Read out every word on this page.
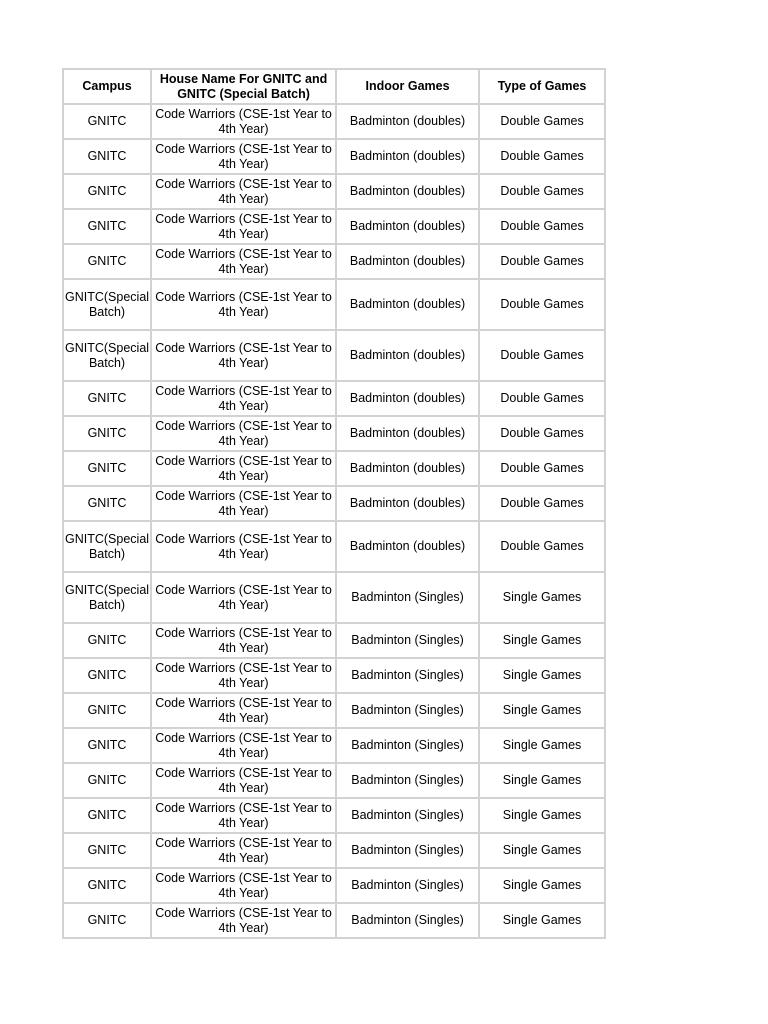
Campus	House Name For GNITC and GNITC (Special Batch)	Indoor Games	Type of Games
GNITC	Code Warriors (CSE-1st Year to 4th Year)	Badminton (doubles)	Double Games
GNITC	Code Warriors (CSE-1st Year to 4th Year)	Badminton (doubles)	Double Games
GNITC	Code Warriors (CSE-1st Year to 4th Year)	Badminton (doubles)	Double Games
GNITC	Code Warriors (CSE-1st Year to 4th Year)	Badminton (doubles)	Double Games
GNITC	Code Warriors (CSE-1st Year to 4th Year)	Badminton (doubles)	Double Games
GNITC(Special Batch)	Code Warriors (CSE-1st Year to 4th Year)	Badminton (doubles)	Double Games
GNITC(Special Batch)	Code Warriors (CSE-1st Year to 4th Year)	Badminton (doubles)	Double Games
GNITC	Code Warriors (CSE-1st Year to 4th Year)	Badminton (doubles)	Double Games
GNITC	Code Warriors (CSE-1st Year to 4th Year)	Badminton (doubles)	Double Games
GNITC	Code Warriors (CSE-1st Year to 4th Year)	Badminton (doubles)	Double Games
GNITC	Code Warriors (CSE-1st Year to 4th Year)	Badminton (doubles)	Double Games
GNITC(Special Batch)	Code Warriors (CSE-1st Year to 4th Year)	Badminton (doubles)	Double Games
GNITC(Special Batch)	Code Warriors (CSE-1st Year to 4th Year)	Badminton (Singles)	Single Games
GNITC	Code Warriors (CSE-1st Year to 4th Year)	Badminton (Singles)	Single Games
GNITC	Code Warriors (CSE-1st Year to 4th Year)	Badminton (Singles)	Single Games
GNITC	Code Warriors (CSE-1st Year to 4th Year)	Badminton (Singles)	Single Games
GNITC	Code Warriors (CSE-1st Year to 4th Year)	Badminton (Singles)	Single Games
GNITC	Code Warriors (CSE-1st Year to 4th Year)	Badminton (Singles)	Single Games
GNITC	Code Warriors (CSE-1st Year to 4th Year)	Badminton (Singles)	Single Games
GNITC	Code Warriors (CSE-1st Year to 4th Year)	Badminton (Singles)	Single Games
GNITC	Code Warriors (CSE-1st Year to 4th Year)	Badminton (Singles)	Single Games
GNITC	Code Warriors (CSE-1st Year to 4th Year)	Badminton (Singles)	Single Games
